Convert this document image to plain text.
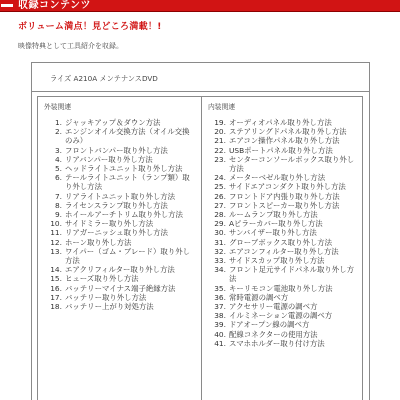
収録コンテンツ
ボリューム満点！見どころ満載！!
映像特典として工具紹介を収録。
ライズ A210A メンテナンスDVD
外装関連
1. ジャッキアップ＆ダウン方法
2. エンジンオイル交換方法（オイル交換のみ）
3. フロントバンパー取り外し方法
4. リアバンパー取り外し方法
5. ヘッドライトユニット取り外し方法
6. テールライトユニット（ランプ類）取り外し方法
7. リアライトユニット取り外し方法
8. ライセンスランプ取り外し方法
9. ホイールアーチトリム取り外し方法
10. サイドミラー取り外し方法
11. リアガーニッシュ取り外し方法
12. ホーン取り外し方法
13. ワイパー（ゴム・ブレード）取り外し方法
14. エアクリフィルター取り外し方法
15. ヒューズ取り外し方法
16. バッテリーマイナス端子絶縁方法
17. バッテリー取り外し方法
18. バッテリー上がり対処方法
内装関連
19. オーディオパネル取り外し方法
20. ステアリングドパネル取り外し方法
21. エアコン操作パネル取り外し方法
22. USBポートパネル取り外し方法
23. センターコンソールボックス取り外し方法
24. メーターベゼル取り外し方法
25. サイドエアコンダクト取り外し方法
26. フロントドア内張り取り外し方法
27. フロントスピーカー取り外し方法
28. ルームランプ取り外し方法
29. Aピラーカバー取り外し方法
30. サンバイザー取り外し方法
31. グローブボックス取り外し方法
32. エアコンフィルター取り外し方法
33. サイドスカップ取り外し方法
34. フロント足元サイドパネル取り外し方法
35. キーリモコン電池取り外し方法
36. 常時電源の調べ方
37. アクセサリー電源の調べ方
38. イルミネーション電源の調べ方
39. ドアオープン線の調べ方
40. 配線コネクターの使用方法
41. スマホホルダー取り付け方法
